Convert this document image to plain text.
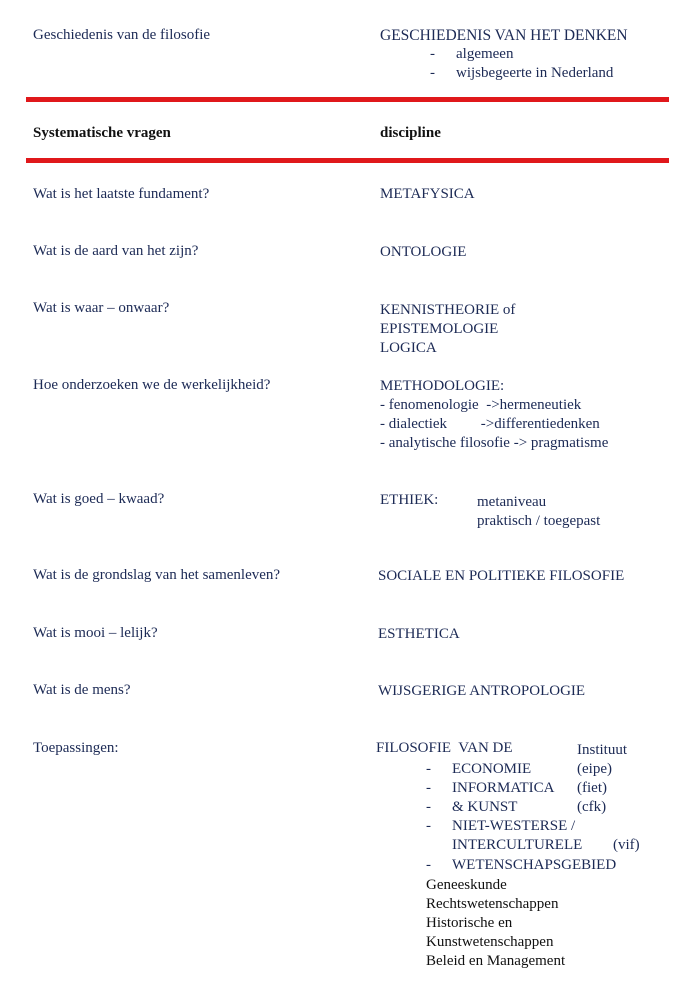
Geschiedenis van de filosofie	GESCHIEDENIS VAN HET DENKEN
- algemeen
- wijsbegeerte in Nederland
Systematische vragen	discipline
Wat is het laatste fundament?	METAFYSICA
Wat is de aard van het zijn?	ONTOLOGIE
Wat is waar – onwaar?	KENNISTHEORIE of
EPISTEMOLOGIE
LOGICA
Hoe onderzoeken we de werkelijkheid?	METHODOLOGIE:
- fenomenologie  ->hermeneutiek
- dialectiek         ->differentiedenken
- analytische filosofie -> pragmatisme
Wat is goed – kwaad?	ETHIEK:	metaniveau
praktisch / toegepast
Wat is de grondslag van het samenleven?	SOCIALE EN POLITIEKE FILOSOFIE
Wat is mooi – lelijk?	ESTHETICA
Wat is de mens?	WIJSGERIGE ANTROPOLOGIE
Toepassingen:	FILOSOFIE  VAN DE	Instituut
- ECONOMIE	(eipe)
- INFORMATICA (fiet)
- & KUNST	(cfk)
- NIET-WESTERSE /
INTERCULTURELE (vif)
- WETENSCHAPSGEBIED
Geneeskunde
Rechtswetenschappen
Historische en
Kunstwetenschappen
Beleid en Management
